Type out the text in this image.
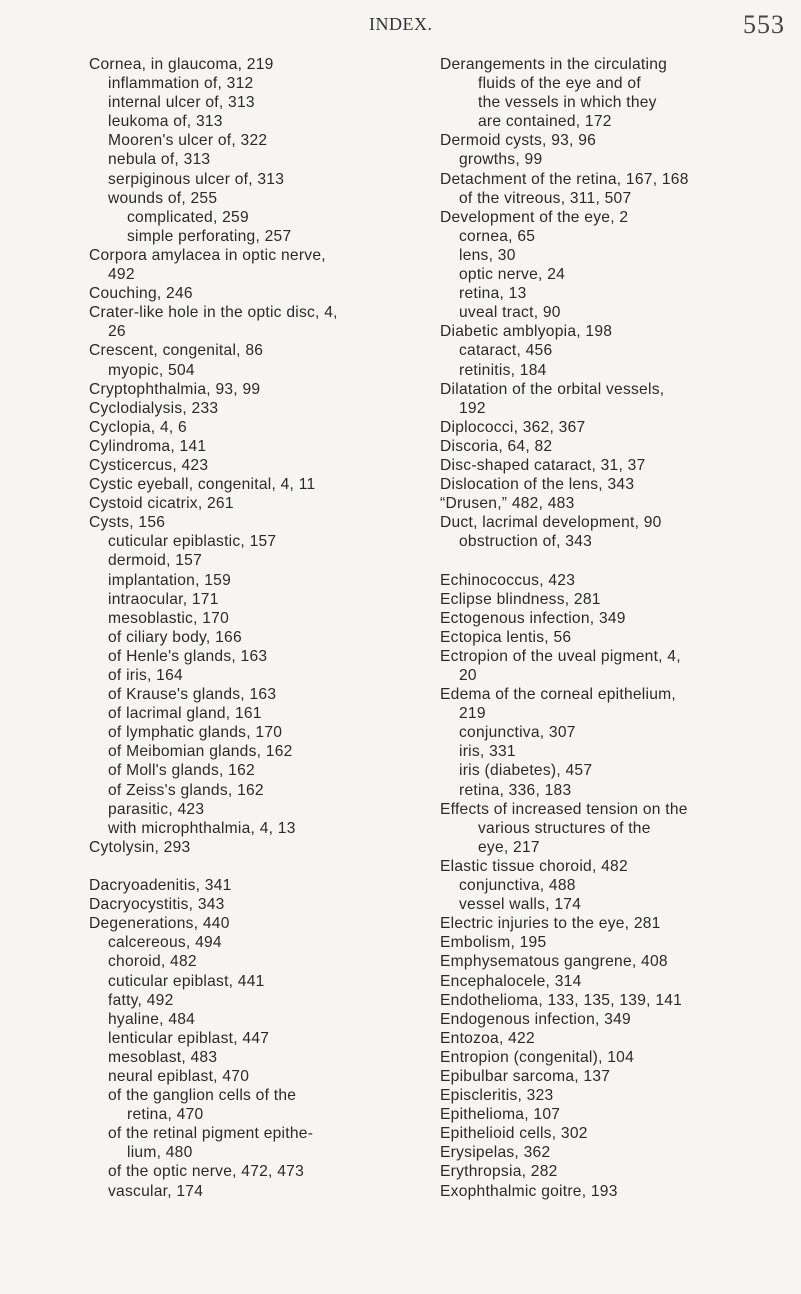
INDEX.	553
Cornea, in glaucoma, 219
inflammation of, 312
internal ulcer of, 313
leukoma of, 313
Mooren's ulcer of, 322
nebula of, 313
serpiginous ulcer of, 313
wounds of, 255
complicated, 259
simple perforating, 257
Corpora amylacea in optic nerve,
492
Couching, 246
Crater-like hole in the optic disc, 4,
26
Crescent, congenital, 86
myopic, 504
Cryptophthalmia, 93, 99
Cyclodialysis, 233
Cyclopia, 4, 6
Cylindroma, 141
Cysticercus, 423
Cystic eyeball, congenital, 4, 11
Cystoid cicatrix, 261
Cysts, 156
cuticular epiblastic, 157
dermoid, 157
implantation, 159
intraocular, 171
mesoblastic, 170
of ciliary body, 166
of Henle's glands, 163
of iris, 164
of Krause's glands, 163
of lacrimal gland, 161
of lymphatic glands, 170
of Meibomian glands, 162
of Moll's glands, 162
of Zeiss's glands, 162
parasitic, 423
with microphthalmia, 4, 13
Cytolysin, 293
Dacryoadenitis, 341
Dacryocystitis, 343
Degenerations, 440
calcereous, 494
choroid, 482
cuticular epiblast, 441
fatty, 492
hyaline, 484
lenticular epiblast, 447
mesoblast, 483
neural epiblast, 470
of the ganglion cells of the
retina, 470
of the retinal pigment epithe-
lium, 480
of the optic nerve, 472, 473
vascular, 174
Derangements in the circulating
fluids of the eye and of
the vessels in which they
are contained, 172
Dermoid cysts, 93, 96
growths, 99
Detachment of the retina, 167, 168
of the vitreous, 311, 507
Development of the eye, 2
cornea, 65
lens, 30
optic nerve, 24
retina, 13
uveal tract, 90
Diabetic amblyopia, 198
cataract, 456
retinitis, 184
Dilatation of the orbital vessels,
192
Diplococci, 362, 367
Discoria, 64, 82
Disc-shaped cataract, 31, 37
Dislocation of the lens, 343
“Drusen,” 482, 483
Duct, lacrimal development, 90
obstruction of, 343
Echinococcus, 423
Eclipse blindness, 281
Ectogenous infection, 349
Ectopica lentis, 56
Ectropion of the uveal pigment, 4,
20
Edema of the corneal epithelium,
219
conjunctiva, 307
iris, 331
iris (diabetes), 457
retina, 336, 183
Effects of increased tension on the
various structures of the
eye, 217
Elastic tissue choroid, 482
conjunctiva, 488
vessel walls, 174
Electric injuries to the eye, 281
Embolism, 195
Emphysematous gangrene, 408
Encephalocele, 314
Endothelioma, 133, 135, 139, 141
Endogenous infection, 349
Entozoa, 422
Entropion (congenital), 104
Epibulbar sarcoma, 137
Episcleritis, 323
Epithelioma, 107
Epithelioid cells, 302
Erysipelas, 362
Erythropsia, 282
Exophthalmic goitre, 193
